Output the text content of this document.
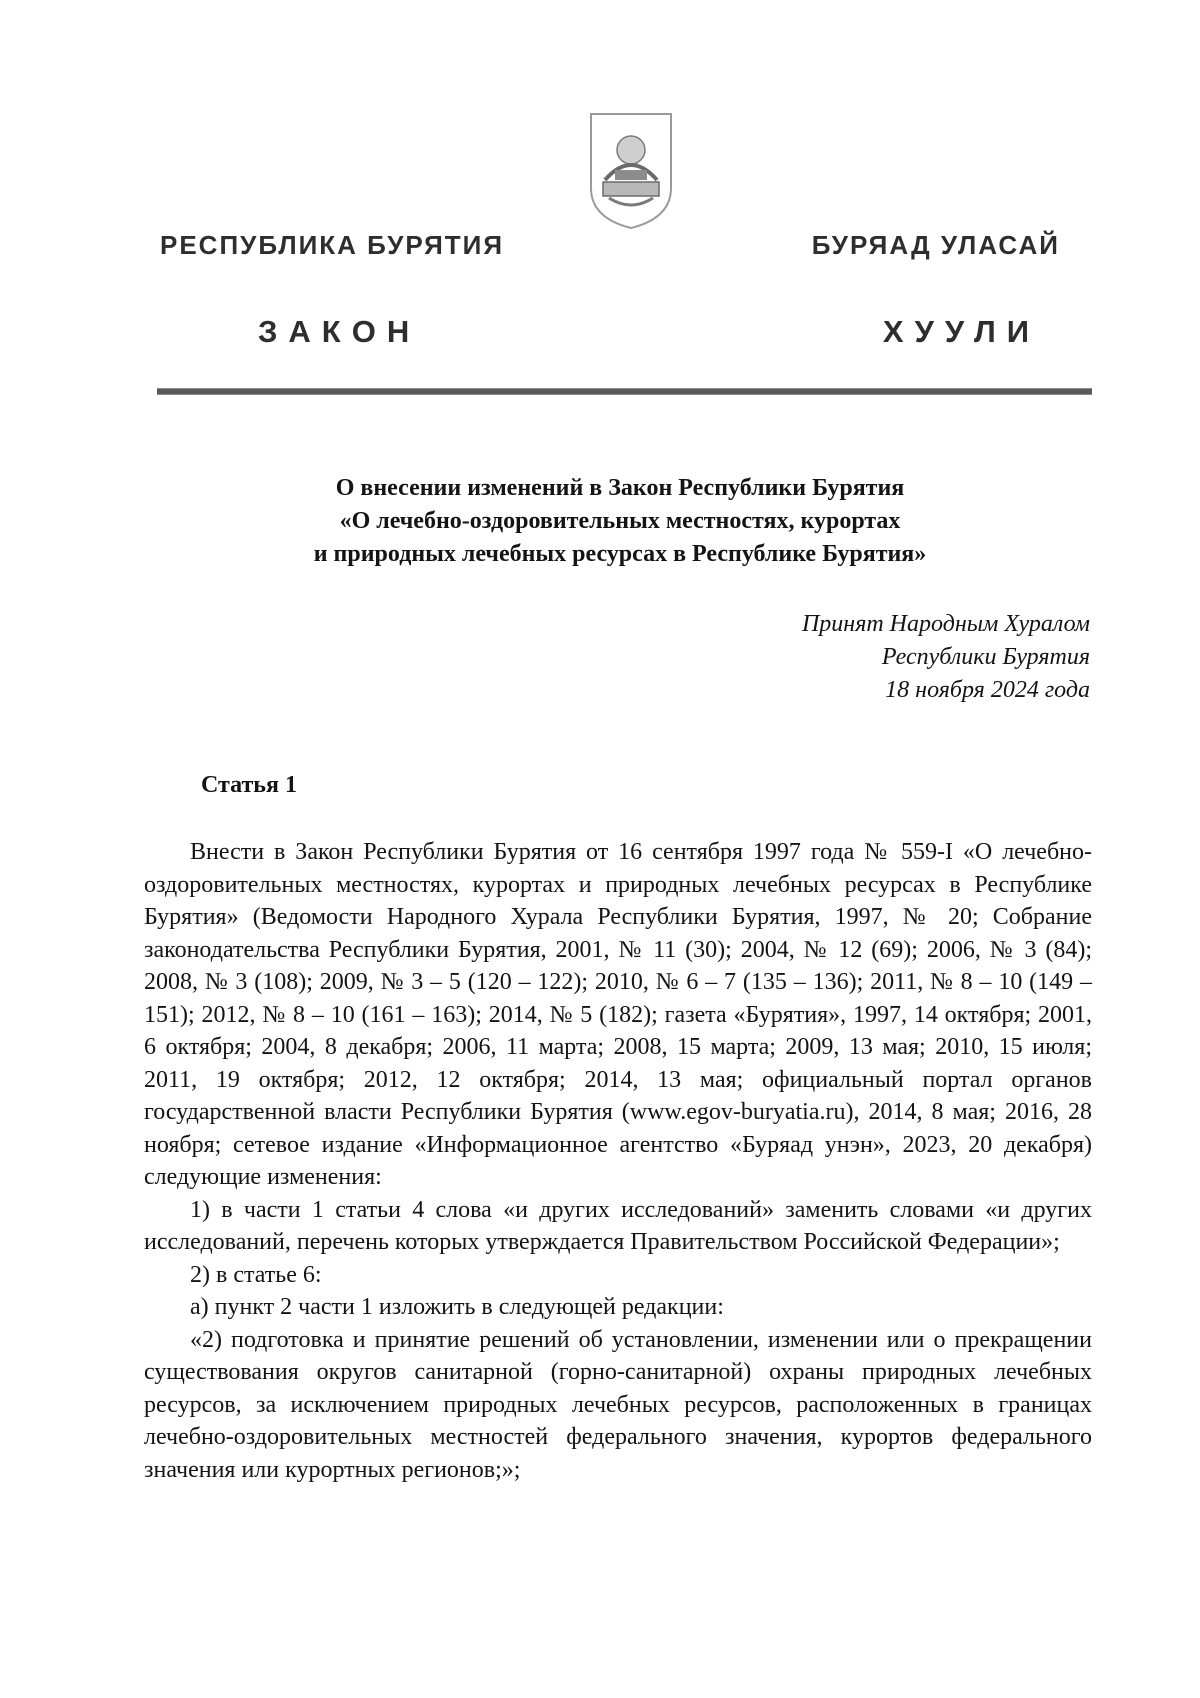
РЕСПУБЛИКА БУРЯТИЯ	БУРЯАД УЛАСАЙ
ЗАКОН	ХУУЛИ
О внесении изменений в Закон Республики Бурятия
«О лечебно-оздоровительных местностях, курортах
и природных лечебных ресурсах в Республике Бурятия»
Принят Народным Хуралом
Республики Бурятия
18 ноября 2024 года
Статья 1

Внести в Закон Республики Бурятия от 16 сентября 1997 года № 559-I «О лечебно-оздоровительных местностях, курортах и природных лечебных ресурсах в Республике Бурятия» (Ведомости Народного Хурала Республики Бурятия, 1997, № 20; Собрание законодательства Республики Бурятия, 2001, № 11 (30); 2004, № 12 (69); 2006, № 3 (84); 2008, № 3 (108); 2009, № 3 – 5 (120 – 122); 2010, № 6 – 7 (135 – 136); 2011, № 8 – 10 (149 – 151); 2012, № 8 – 10 (161 – 163); 2014, № 5 (182); газета «Бурятия», 1997, 14 октября; 2001, 6 октября; 2004, 8 декабря; 2006, 11 марта; 2008, 15 марта; 2009, 13 мая; 2010, 15 июля; 2011, 19 октября; 2012, 12 октября; 2014, 13 мая; официальный портал органов государственной власти Республики Бурятия (www.egov-buryatia.ru), 2014, 8 мая; 2016, 28 ноября; сетевое издание «Информационное агентство «Буряад унэн», 2023, 20 декабря) следующие изменения:

1) в части 1 статьи 4 слова «и других исследований» заменить словами «и других исследований, перечень которых утверждается Правительством Российской Федерации»;

2) в статье 6:

а) пункт 2 части 1 изложить в следующей редакции:

«2) подготовка и принятие решений об установлении, изменении или о прекращении существования округов санитарной (горно-санитарной) охраны природных лечебных ресурсов, за исключением природных лечебных ресурсов, расположенных в границах лечебно-оздоровительных местностей федерального значения, курортов федерального значения или курортных регионов;»;
